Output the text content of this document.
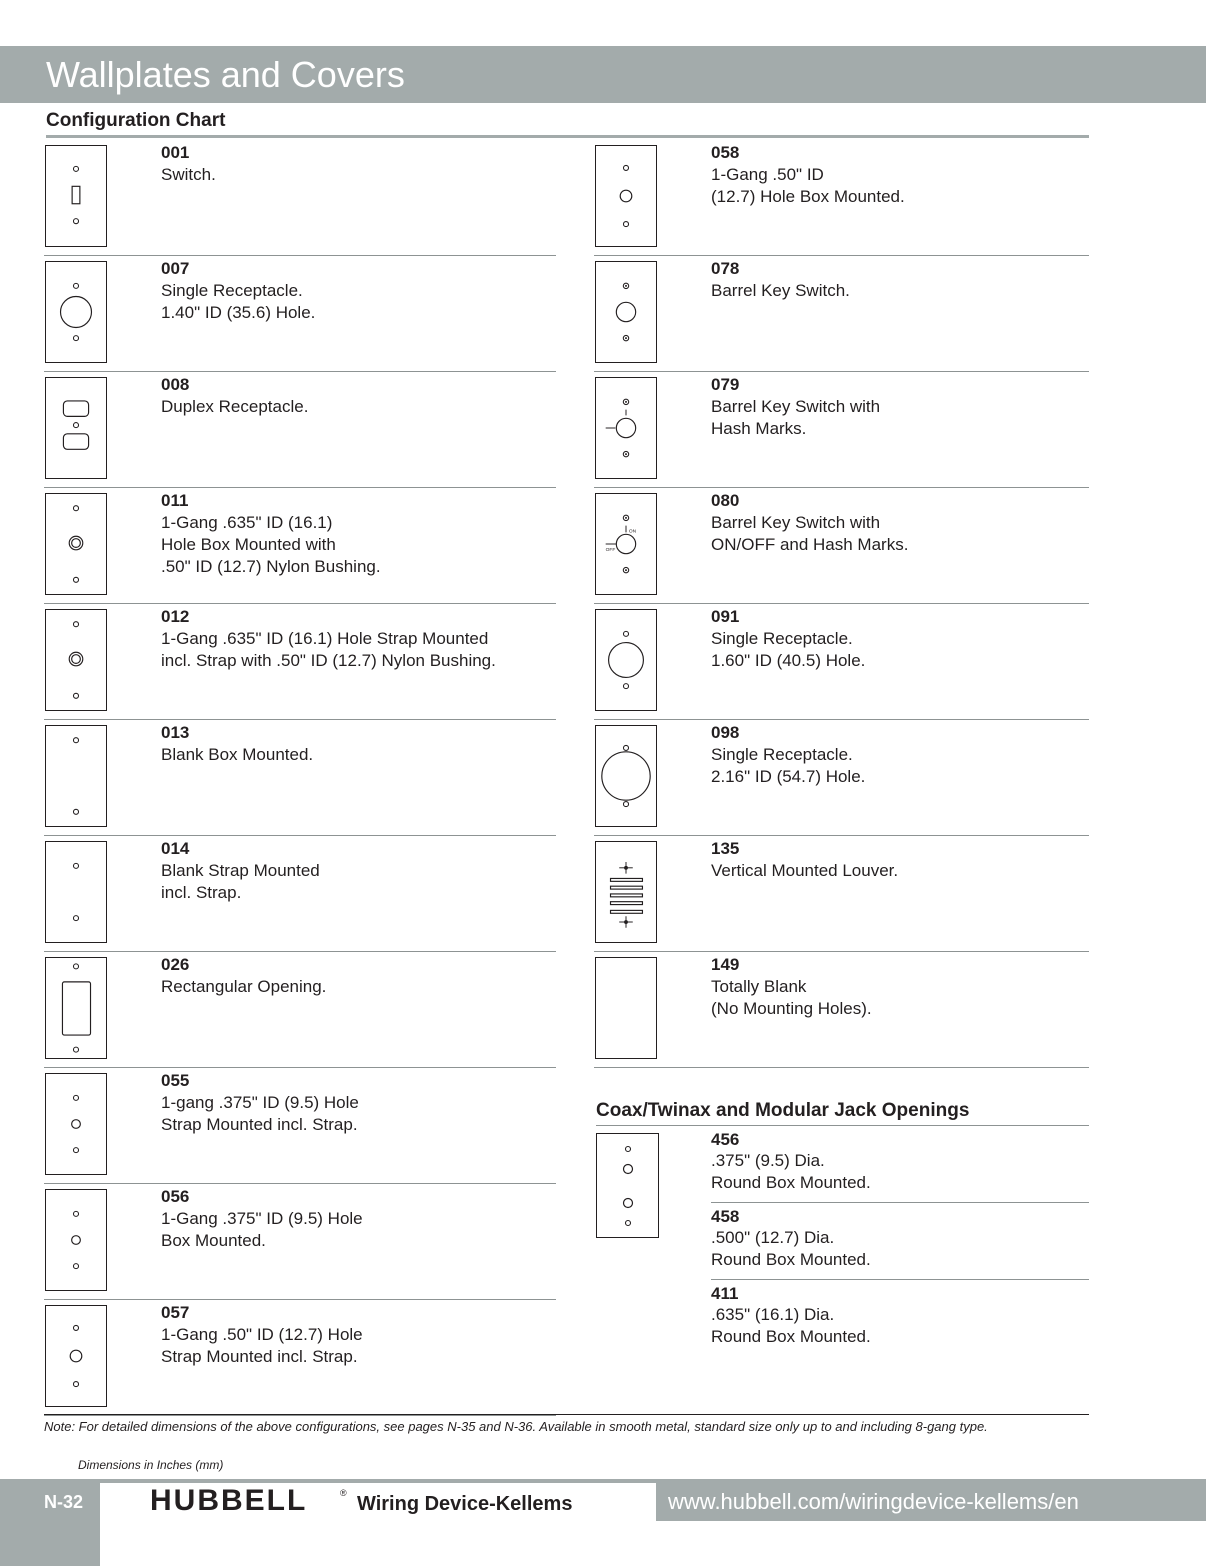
Wallplates and Covers
Configuration Chart
001
Switch.
007
Single Receptacle.
1.40" ID (35.6) Hole.
008
Duplex Receptacle.
011
1-Gang .635" ID (16.1)
Hole Box Mounted with
.50" ID (12.7) Nylon Bushing.
012
1-Gang .635" ID (16.1) Hole Strap Mounted
incl. Strap with .50" ID (12.7) Nylon Bushing.
013
Blank Box Mounted.
014
Blank Strap Mounted
incl. Strap.
026
Rectangular Opening.
055
1-gang .375" ID (9.5) Hole
Strap Mounted incl. Strap.
056
1-Gang .375" ID (9.5) Hole
Box Mounted.
057
1-Gang .50" ID (12.7) Hole
Strap Mounted incl. Strap.
058
1-Gang .50" ID
(12.7) Hole Box Mounted.
078
Barrel Key Switch.
079
Barrel Key Switch with
Hash Marks.
ON
OFF
080
Barrel Key Switch with
ON/OFF and Hash Marks.
091
Single Receptacle.
1.60" ID (40.5) Hole.
098
Single Receptacle.
2.16" ID (54.7) Hole.
135
Vertical Mounted Louver.
149
Totally Blank
(No Mounting Holes).
Coax/Twinax and Modular Jack Openings
456
.375" (9.5) Dia.
Round Box Mounted.
458
.500" (12.7) Dia.
Round Box Mounted.
411
.635" (16.1) Dia.
Round Box Mounted.
Note: For detailed dimensions of the above configurations, see pages N-35 and N-36. Available in smooth metal, standard size only up to and including 8-gang type.
Dimensions in Inches (mm)
N-32 HUBBELL	® Wiring Device-Kellems	www.hubbell.com/wiringdevice-kellems/en
